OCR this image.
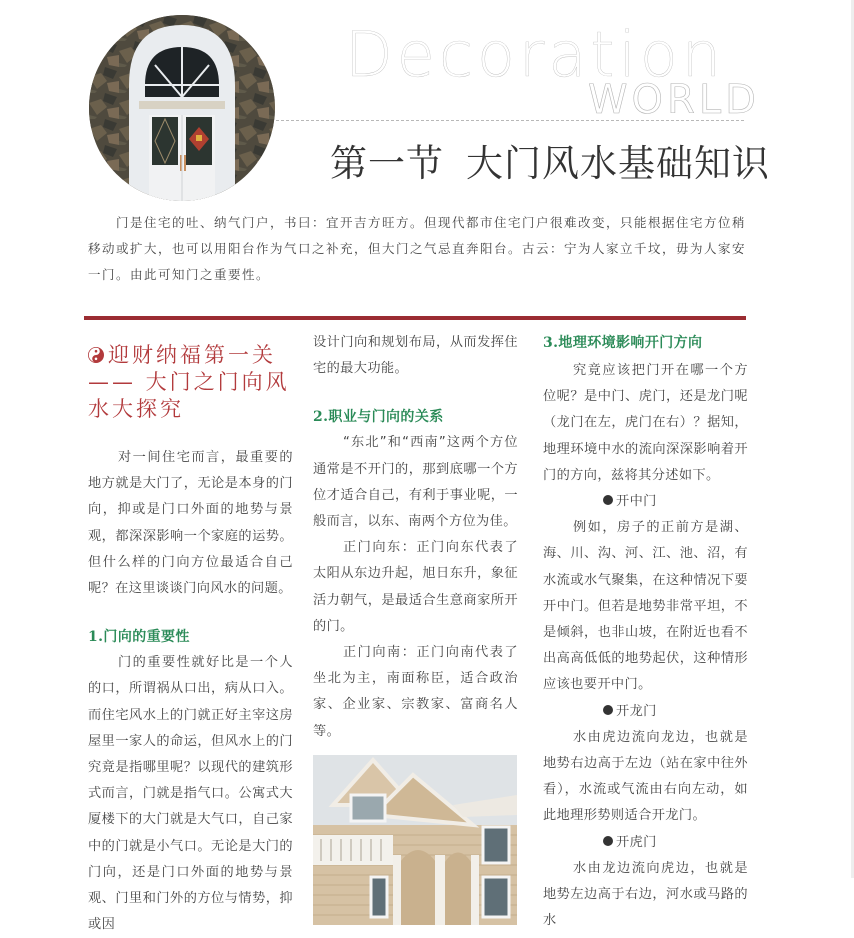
Decoration
WORLD
第一节 大门风水基础知识
门是住宅的吐、纳气门户，书曰：宜开吉方旺方。但现代都市住宅门户很难改变，只能根据住宅方位稍移动或扩大，也可以用阳台作为气口之补充，但大门之气忌直奔阳台。古云：宁为人家立千坟，毋为人家安一门。由此可知门之重要性。
迎财纳福第一关—— 大门之门向风水大探究

对一间住宅而言，最重要的地方就是大门了，无论是本身的门向，抑或是门口外面的地势与景观，都深深影响一个家庭的运势。但什么样的门向方位最适合自己呢？在这里谈谈门向风水的问题。

1.门向的重要性

门的重要性就好比是一个人的口，所谓祸从口出，病从口入。而住宅风水上的门就正好主宰这房屋里一家人的命运，但风水上的门究竟是指哪里呢？以现代的建筑形式而言，门就是指气口。公寓式大厦楼下的大门就是大气口，自己家中的门就是小气口。无论是大门的门向，还是门口外面的地势与景观、门里和门外的方位与情势，抑或因

设计门向和规划布局，从而发挥住宅的最大功能。

2.职业与门向的关系

“东北”和“西南”这两个方位通常是不开门的，那到底哪一个方位才适合自己，有利于事业呢，一般而言，以东、南两个方位为佳。

正门向东：正门向东代表了太阳从东边升起，旭日东升，象征活力朝气，是最适合生意商家所开的门。

正门向南：正门向南代表了坐北为主，南面称臣，适合政治家、企业家、宗教家、富商名人等。

3.地理环境影响开门方向

究竟应该把门开在哪一个方位呢？是中门、虎门，还是龙门呢（龙门在左，虎门在右）？据知，地理环境中水的流向深深影响着开门的方向，兹将其分述如下。

开中门

例如，房子的正前方是湖、海、川、沟、河、江、池、沼，有水流或水气聚集，在这种情况下要开中门。但若是地势非常平坦，不是倾斜，也非山坡，在附近也看不出高高低低的地势起伏，这种情形应该也要开中门。

开龙门

水由虎边流向龙边，也就是地势右边高于左边（站在家中往外看），水流或气流由右向左动，如此地理形势则适合开龙门。

开虎门

水由龙边流向虎边，也就是地势左边高于右边，河水或马路的水
